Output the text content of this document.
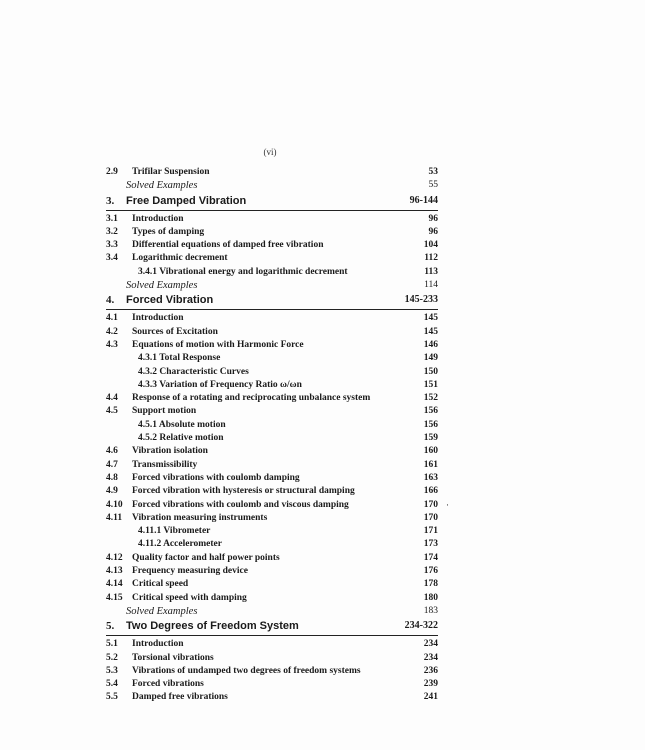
(vi)
2.9 Trifilar Suspension	53
Solved Examples	55
3. Free Damped Vibration	96-144
3.1 Introduction	96
3.2 Types of damping	96
3.3 Differential equations of damped free vibration	104
3.4 Logarithmic decrement	112
3.4.1 Vibrational energy and logarithmic decrement	113
Solved Examples	114
4. Forced Vibration	145-233
4.1 Introduction	145
4.2 Sources of Excitation	145
4.3 Equations of motion with Harmonic Force	146
4.3.1 Total Response	149
4.3.2 Characteristic Curves	150
4.3.3 Variation of Frequency Ratio ω/ωn	151
4.4 Response of a rotating and reciprocating unbalance system	152
4.5 Support motion	156
4.5.1 Absolute motion	156
4.5.2 Relative motion	159
4.6 Vibration isolation	160
4.7 Transmissibility	161
4.8 Forced vibrations with coulomb damping	163
4.9 Forced vibration with hysteresis or structural damping	166
4.10 Forced vibrations with coulomb and viscous damping	170
4.11 Vibration measuring instruments	170
4.11.1 Vibrometer	171
4.11.2 Accelerometer	173
4.12 Quality factor and half power points	174
4.13 Frequency measuring device	176
4.14 Critical speed	178
4.15 Critical speed with damping	180
Solved Examples	183
5. Two Degrees of Freedom System	234-322
5.1 Introduction	234
5.2 Torsional vibrations	234
5.3 Vibrations of undamped two degrees of freedom systems	236
5.4 Forced vibrations	239
5.5 Damped free vibrations	241
·
